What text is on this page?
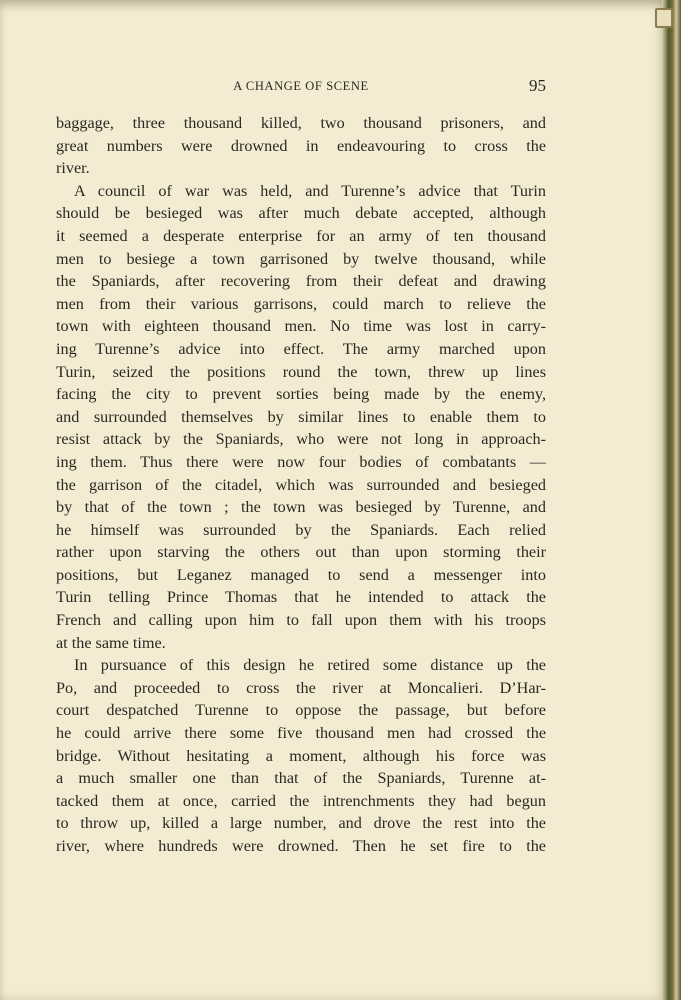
A CHANGE OF SCENE	95
baggage, three thousand killed, two thousand prisoners, and
great numbers were drowned in endeavouring to cross the
river.
A council of war was held, and Turenne’s advice that Turin
should be besieged was after much debate accepted, although
it seemed a desperate enterprise for an army of ten thousand
men to besiege a town garrisoned by twelve thousand, while
the Spaniards, after recovering from their defeat and drawing
men from their various garrisons, could march to relieve the
town with eighteen thousand men. No time was lost in carry-
ing Turenne’s advice into effect. The army marched upon
Turin, seized the positions round the town, threw up lines
facing the city to prevent sorties being made by the enemy,
and surrounded themselves by similar lines to enable them to
resist attack by the Spaniards, who were not long in approach-
ing them. Thus there were now four bodies of combatants —
the garrison of the citadel, which was surrounded and besieged
by that of the town ; the town was besieged by Turenne, and
he himself was surrounded by the Spaniards. Each relied
rather upon starving the others out than upon storming their
positions, but Leganez managed to send a messenger into
Turin telling Prince Thomas that he intended to attack the
French and calling upon him to fall upon them with his troops
at the same time.
In pursuance of this design he retired some distance up the
Po, and proceeded to cross the river at Moncalieri. D’Har-
court despatched Turenne to oppose the passage, but before
he could arrive there some five thousand men had crossed the
bridge. Without hesitating a moment, although his force was
a much smaller one than that of the Spaniards, Turenne at-
tacked them at once, carried the intrenchments they had begun
to throw up, killed a large number, and drove the rest into the
river, where hundreds were drowned. Then he set fire to the
